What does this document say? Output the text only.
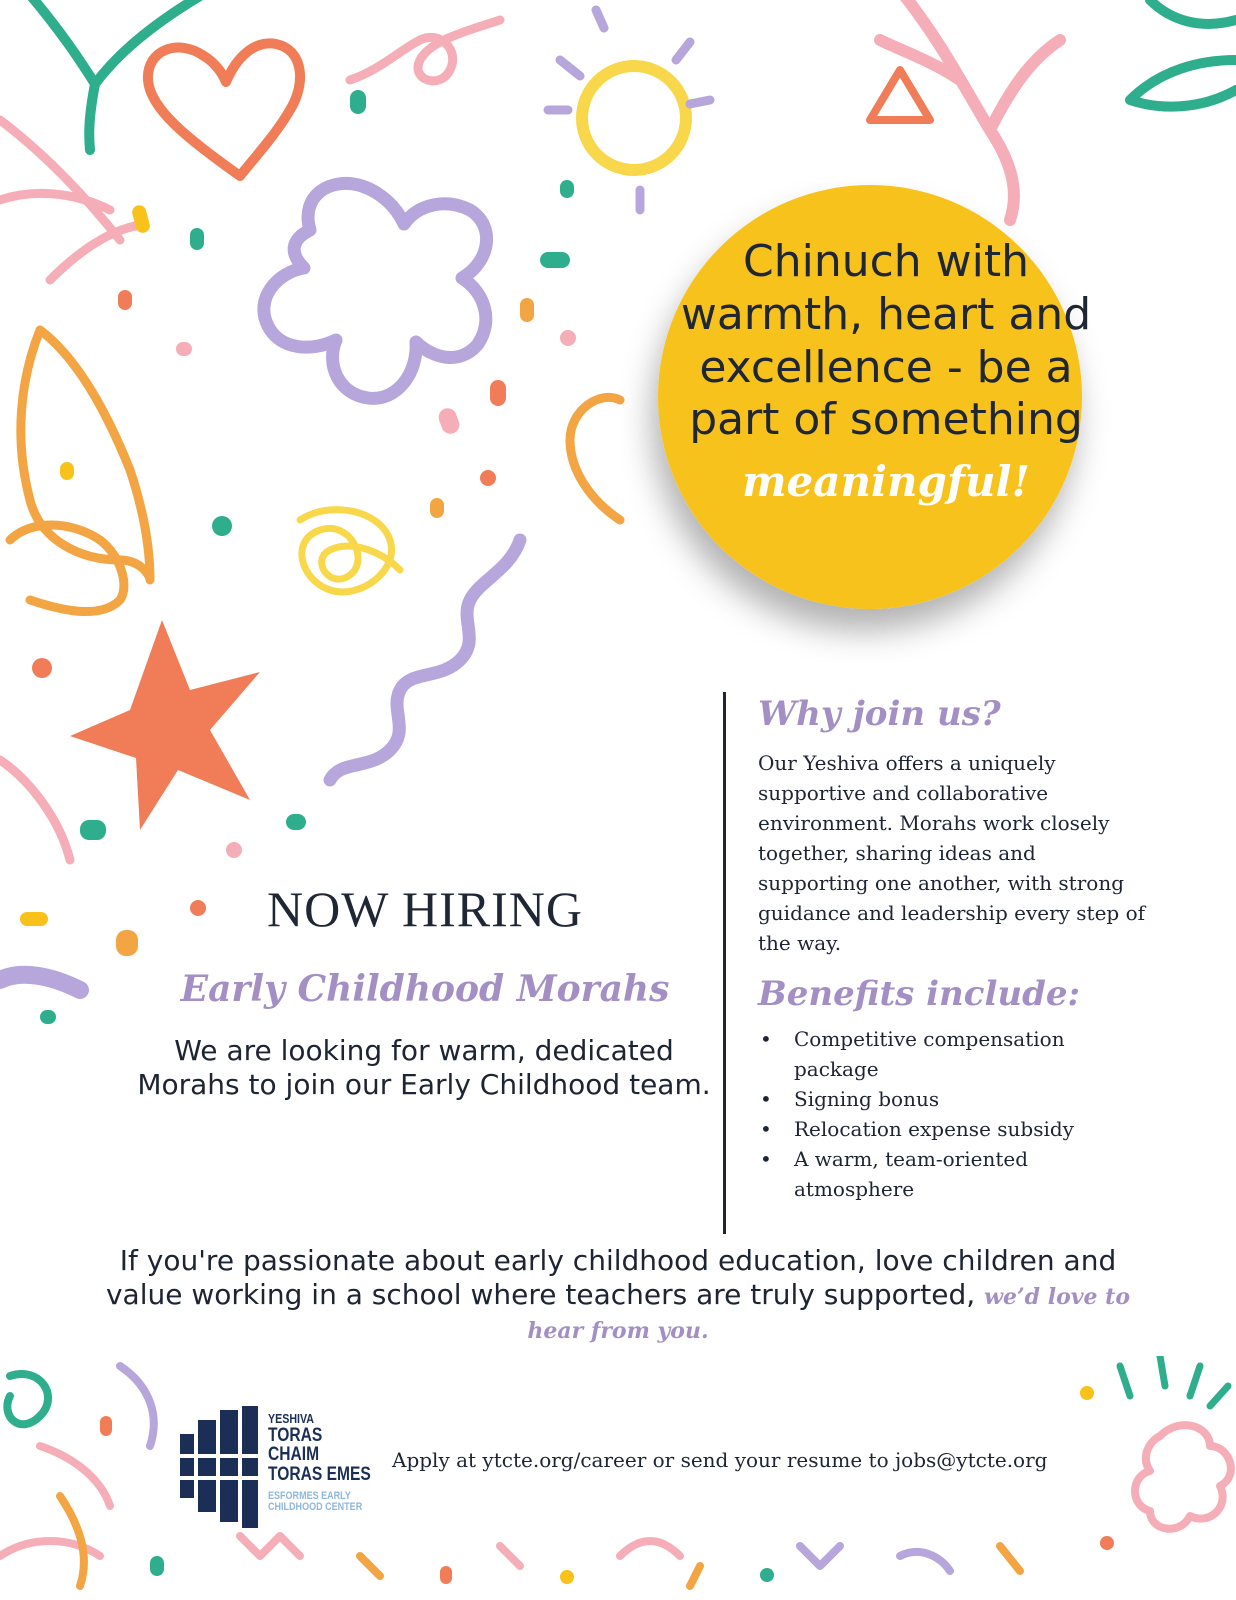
Chinuch with
warmth, heart and
excellence - be a
part of something
meaningful!
NOW HIRING
Early Childhood Morahs
We are looking for warm, dedicated Morahs to join our Early Childhood team.
Why join us?
Our Yeshiva offers a uniquely supportive and collaborative environment. Morahs work closely together, sharing ideas and supporting one another, with strong guidance and leadership every step of the way.
Benefits include:
• Competitive compensation package
• Signing bonus
• Relocation expense subsidy
• A warm, team-oriented atmosphere
If you're passionate about early childhood education, love children and value working in a school where teachers are truly supported, we’d love to hear from you.
YESHIVA
TORAS CHAIM
TORAS EMES
ESFORMES EARLY
CHILDHOOD CENTER
Apply at ytcte.org/career or send your resume to jobs@ytcte.org
